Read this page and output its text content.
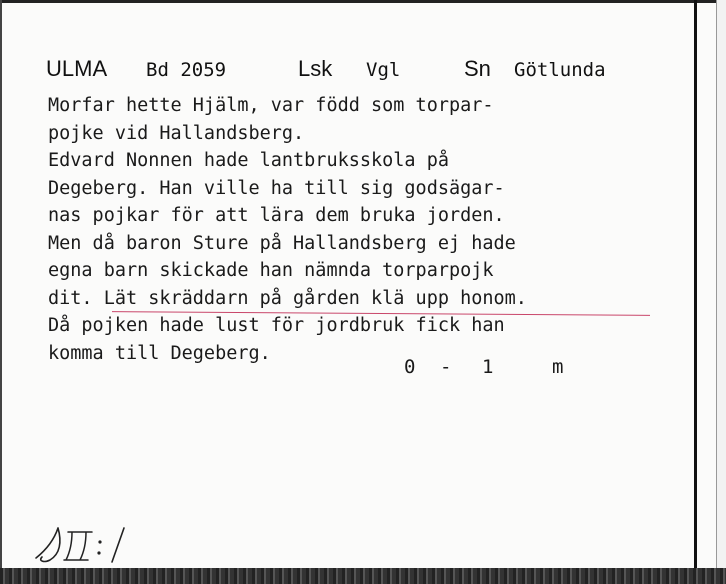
ULMA Bd 2059	Lsk Vgl	Sn Götlunda
Morfar hette Hjälm, var född som torpar-
pojke vid Hallandsberg.
Edvard Nonnen hade lantbruksskola på
Degeberg. Han ville ha till sig godsägar-
nas pojkar för att lära dem bruka jorden.
Men då baron Sture på Hallandsberg ej hade
egna barn skickade han nämnda torparpojk
dit. Lät skräddarn på gården klä upp honom.
Då pojken hade lust för jordbruk fick han
komma till Degeberg.
0 - 1	m
